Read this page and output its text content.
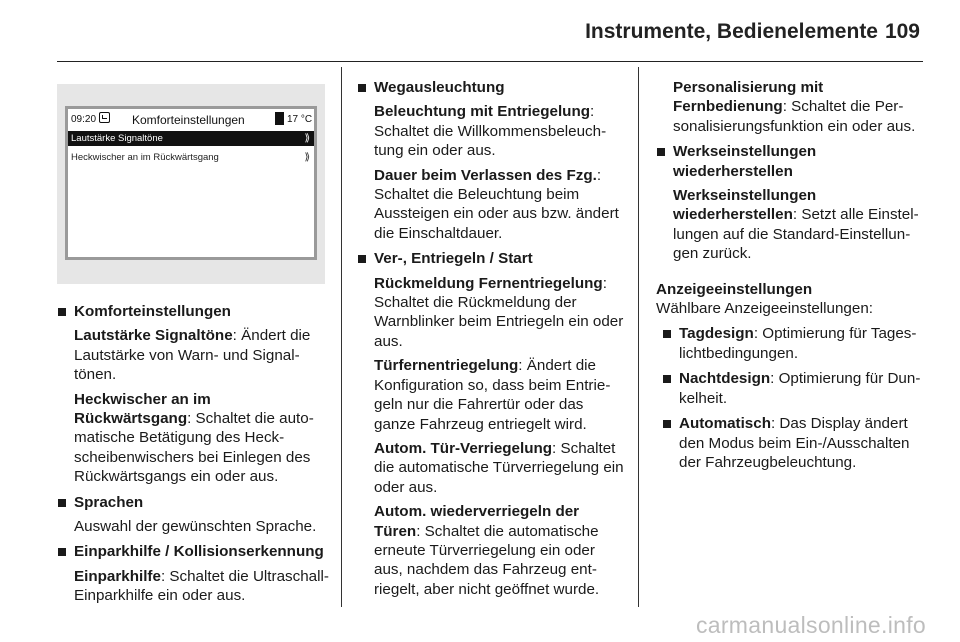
Instrumente, Bedienelemente 109
09:20	Komforteinstellungen	17 °C
Lautstärke Signaltöne	⟫
Heckwischer an im Rückwärtsgang	⟫

Komforteinstellungen

Lautstärke Signaltöne: Ändert die Lautstärke von Warn- und Signaltönen.

Heckwischer an im Rückwärtsgang: Schaltet die automatische Betätigung des Heckscheibenwischers bei Einlegen des Rückwärtsgangs ein oder aus.

Sprachen

Auswahl der gewünschten Sprache.

Einparkhilfe / Kollisionserkennung

Einparkhilfe: Schaltet die Ultraschall-Einparkhilfe ein oder aus.

Wegausleuchtung

Beleuchtung mit Entriegelung: Schaltet die Willkommensbeleuchtung ein oder aus.

Dauer beim Verlassen des Fzg.: Schaltet die Beleuchtung beim Aussteigen ein oder aus bzw. ändert die Einschaltdauer.

Ver-, Entriegeln / Start

Rückmeldung Fernentriegelung: Schaltet die Rückmeldung der Warnblinker beim Entriegeln ein oder aus.

Türfernentriegelung: Ändert die Konfiguration so, dass beim Entriegeln nur die Fahrertür oder das ganze Fahrzeug entriegelt wird.

Autom. Tür-Verriegelung: Schaltet die automatische Türverriegelung ein oder aus.

Autom. wiederverriegeln der Türen: Schaltet die automatische erneute Türverriegelung ein oder aus, nachdem das Fahrzeug entriegelt, aber nicht geöffnet wurde.

Personalisierung mit Fernbedienung: Schaltet die Personalisierungsfunktion ein oder aus.

Werkseinstellungen wiederherstellen

Werkseinstellungen wiederherstellen: Setzt alle Einstellungen auf die Standard-Einstellungen zurück.

Anzeigeeinstellungen

Wählbare Anzeigeeinstellungen:

Tagdesign: Optimierung für Tageslichtbedingungen.

Nachtdesign: Optimierung für Dunkelheit.

Automatisch: Das Display ändert den Modus beim Ein-/Ausschalten der Fahrzeugbeleuchtung.

carmanualsonline.info
